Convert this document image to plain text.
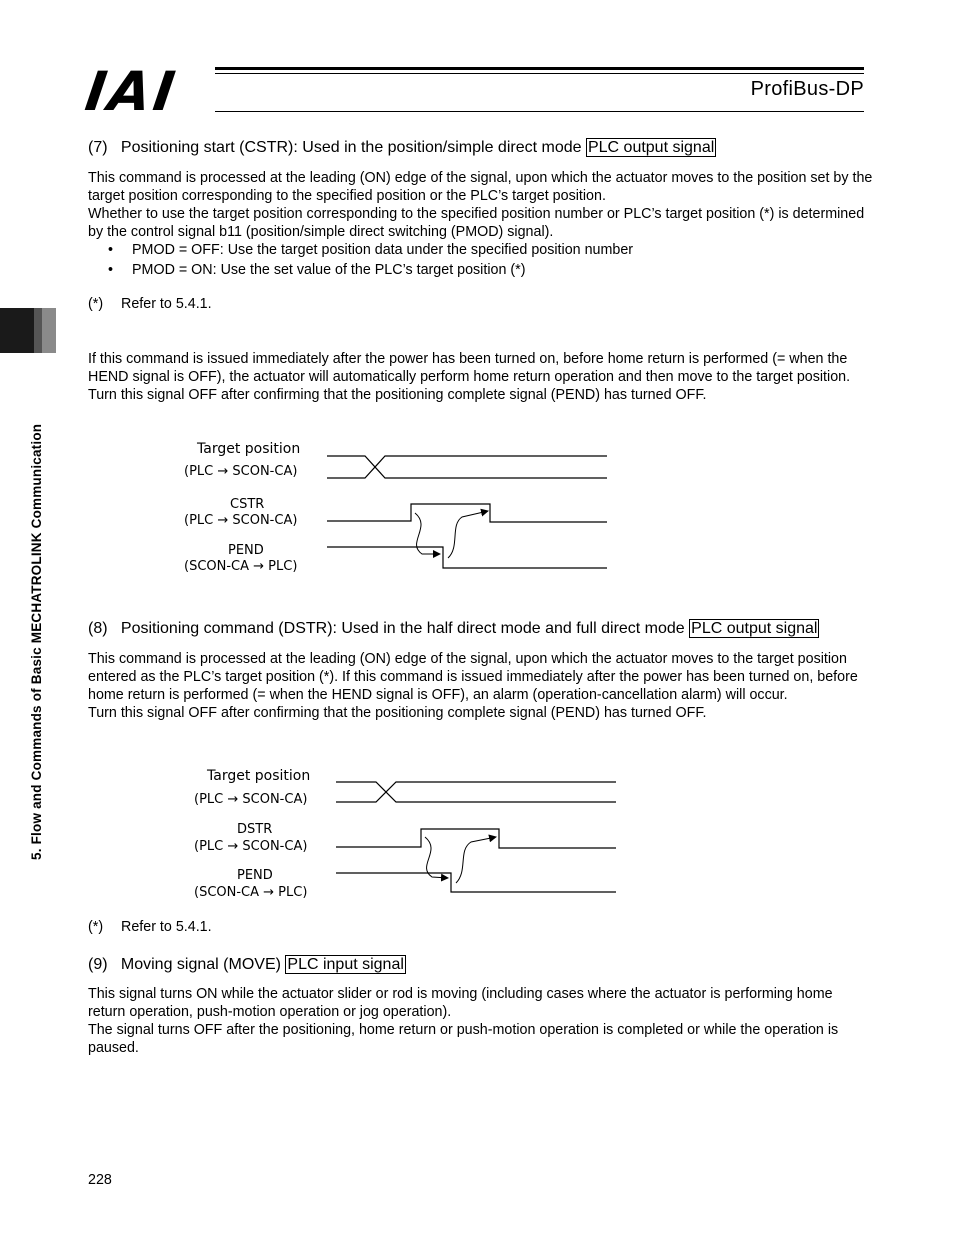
IAI	ProfiBus-DP
5. Flow and Commands of Basic MECHATROLINK Communication
(7)   Positioning start (CSTR): Used in the position/simple direct mode PLC output signal

This command is processed at the leading (ON) edge of the signal, upon which the actuator moves to the position set by the target position corresponding to the specified position or the PLC’s target position.

Whether to use the target position corresponding to the specified position number or PLC’s target position (*) is determined by the control signal b11 (position/simple direct switching (PMOD) signal).

• PMOD = OFF: Use the target position data under the specified position number
• PMOD = ON: Use the set value of the PLC’s target position (*)
(*) Refer to 5.4.1.

If this command is issued immediately after the power has been turned on, before home return is performed (= when the HEND signal is OFF), the actuator will automatically perform home return operation and then move to the target position.

Turn this signal OFF after confirming that the positioning complete signal (PEND) has turned OFF.

Target position
(PLC → SCON-CA)
CSTR
(PLC → SCON-CA)
PEND
(SCON-CA → PLC)
(8)   Positioning command (DSTR): Used in the half direct mode and full direct mode PLC output signal

This command is processed at the leading (ON) edge of the signal, upon which the actuator moves to the target position entered as the PLC’s target position (*). If this command is issued immediately after the power has been turned on, before home return is performed (= when the HEND signal is OFF), an alarm (operation-cancellation alarm) will occur.

Turn this signal OFF after confirming that the positioning complete signal (PEND) has turned OFF.

Target position
(PLC → SCON-CA)
DSTR
(PLC → SCON-CA)
PEND
(SCON-CA → PLC)
(*) Refer to 5.4.1.
(9)   Moving signal (MOVE) PLC input signal

This signal turns ON while the actuator slider or rod is moving (including cases where the actuator is performing home return operation, push-motion operation or jog operation).

The signal turns OFF after the positioning, home return or push-motion operation is completed or while the operation is paused.

228
